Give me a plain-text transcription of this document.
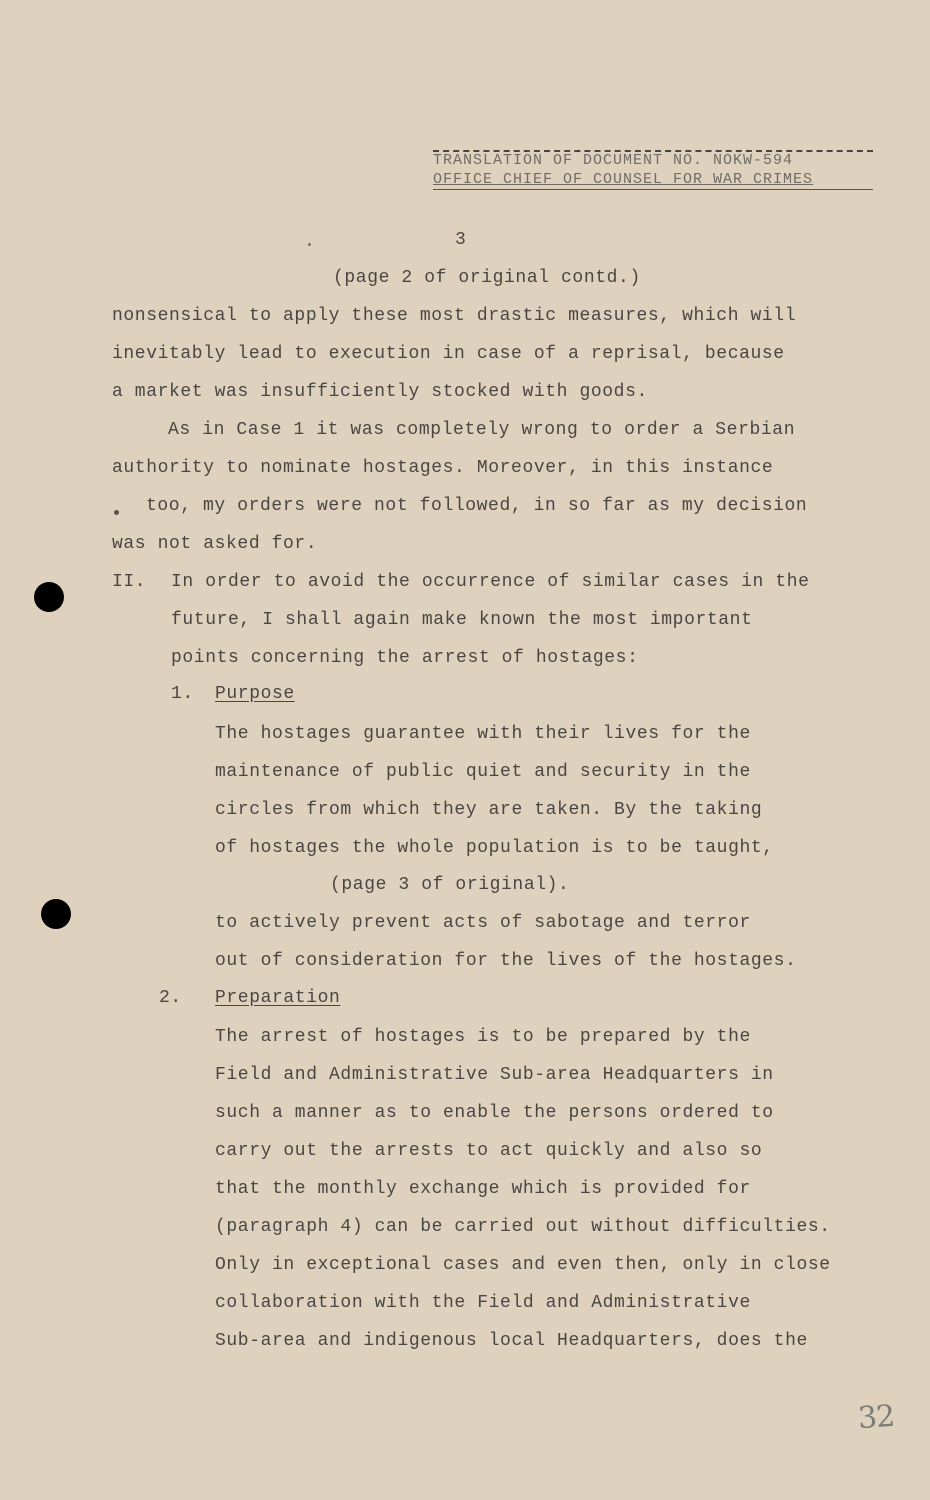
TRANSLATION OF DOCUMENT NO. NOKW-594
OFFICE CHIEF OF COUNSEL FOR WAR CRIMES
3
(page 2 of original contd.)
nonsensical to apply these most drastic measures, which will
inevitably lead to execution in case of a reprisal, because
a market was insufficiently stocked with goods.
As in Case 1 it was completely wrong to order a Serbian
authority to nominate hostages. Moreover, in this instance
too, my orders were not followed, in so far as my decision
was not asked for.
II. In order to avoid the occurrence of similar cases in the
future, I shall again make known the most important
points concerning the arrest of hostages:
1. Purpose
The hostages guarantee with their lives for the
maintenance of public quiet and security in the
circles from which they are taken. By the taking
of hostages the whole population is to be taught,
(page 3 of original).
to actively prevent acts of sabotage and terror
out of consideration for the lives of the hostages.
2. Preparation
The arrest of hostages is to be prepared by the
Field and Administrative Sub-area Headquarters in
such a manner as to enable the persons ordered to
carry out the arrests to act quickly and also so
that the monthly exchange which is provided for
(paragraph 4) can be carried out without difficulties.
Only in exceptional cases and even then, only in close
collaboration with the Field and Administrative
Sub-area and indigenous local Headquarters, does the
32
